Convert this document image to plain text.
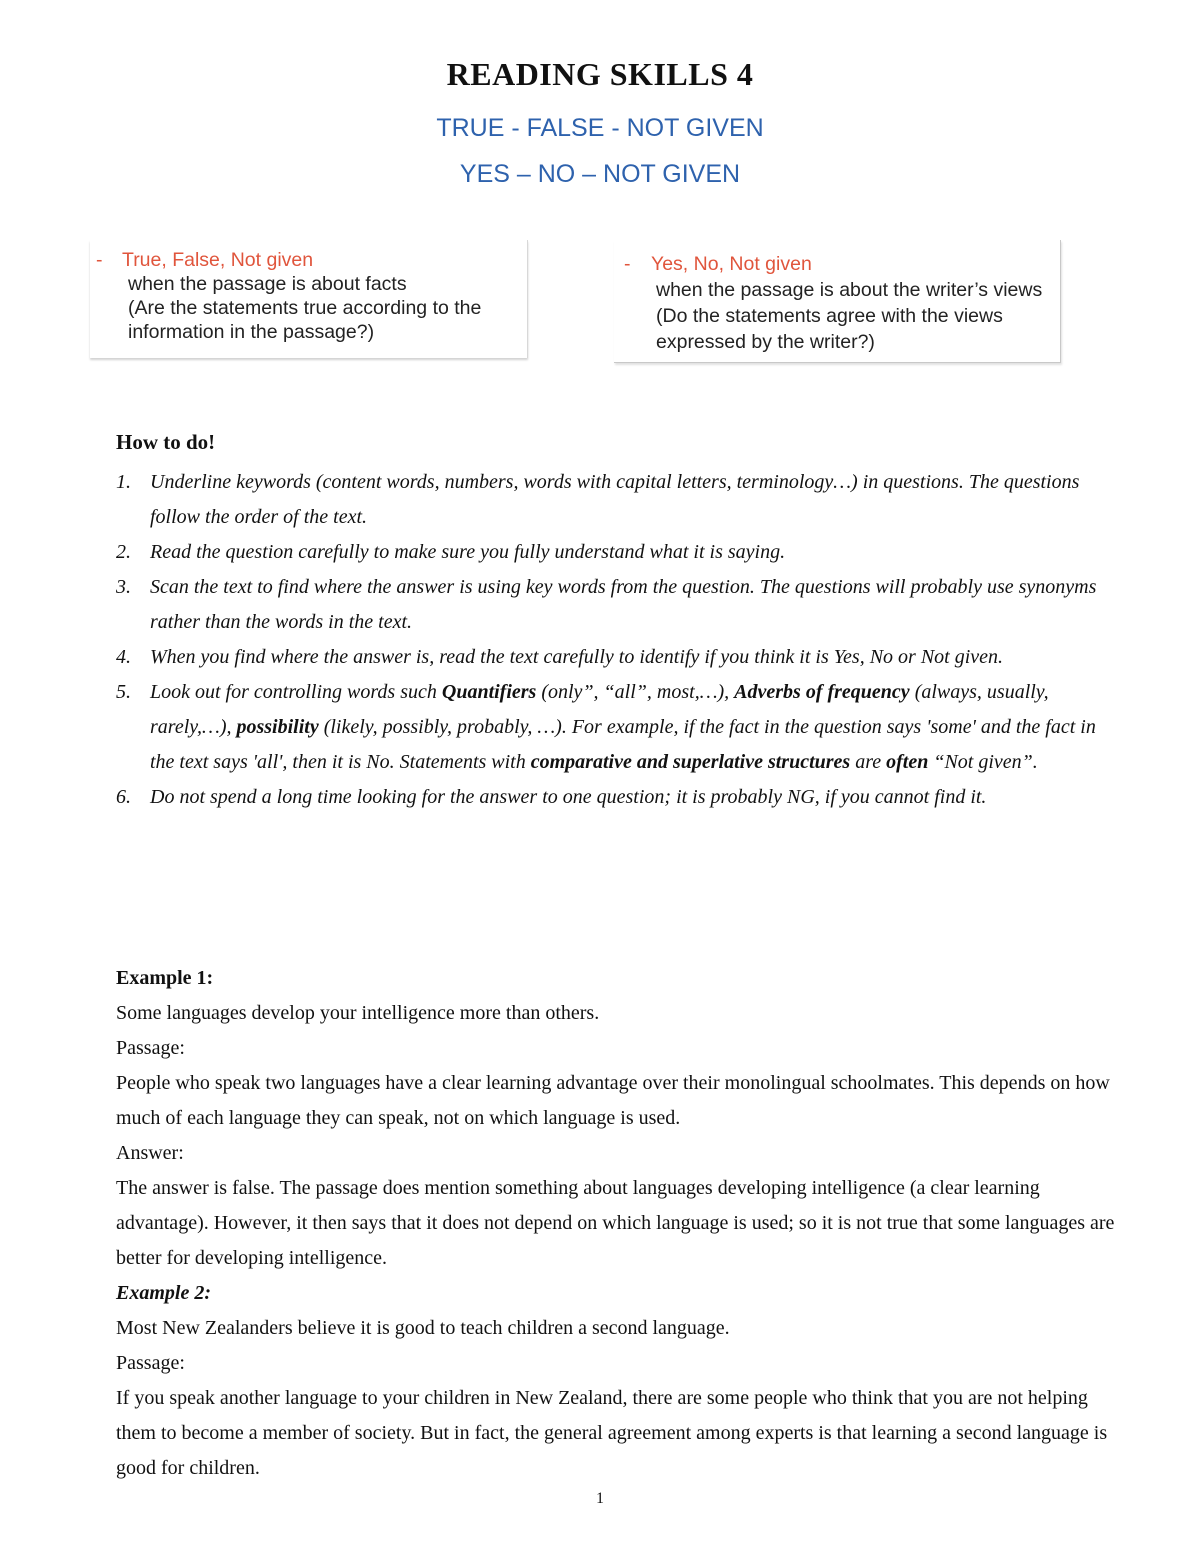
READING SKILLS 4
TRUE - FALSE - NOT GIVEN
YES – NO – NOT GIVEN
- True, False, Not given
when the passage is about facts
(Are the statements true according to the
information in the passage?)
- Yes, No, Not given
when the passage is about the writer’s views
(Do the statements agree with the views
expressed by the writer?)
How to do!
1. Underline keywords (content words, numbers, words with capital letters, terminology…) in questions. The questions follow the order of the text.
2. Read the question carefully to make sure you fully understand what it is saying.
3. Scan the text to find where the answer is using key words from the question. The questions will probably use synonyms rather than the words in the text.
4. When you find where the answer is, read the text carefully to identify if you think it is Yes, No or Not given.
5. Look out for controlling words such Quantifiers (only”, “all”, most,…), Adverbs of frequency (always, usually, rarely,…), possibility (likely, possibly, probably, …). For example, if the fact in the question says 'some' and the fact in the text says 'all', then it is No. Statements with comparative and superlative structures are often “Not given”.
6. Do not spend a long time looking for the answer to one question; it is probably NG, if you cannot find it.

Example 1:

Some languages develop your intelligence more than others.

Passage:

People who speak two languages have a clear learning advantage over their monolingual schoolmates. This depends on how much of each language they can speak, not on which language is used.

Answer:

The answer is false. The passage does mention something about languages developing intelligence (a clear learning advantage). However, it then says that it does not depend on which language is used; so it is not true that some languages are better for developing intelligence.

Example 2:

Most New Zealanders believe it is good to teach children a second language.

Passage:

If you speak another language to your children in New Zealand, there are some people who think that you are not helping them to become a member of society. But in fact, the general agreement among experts is that learning a second language is good for children.

1
